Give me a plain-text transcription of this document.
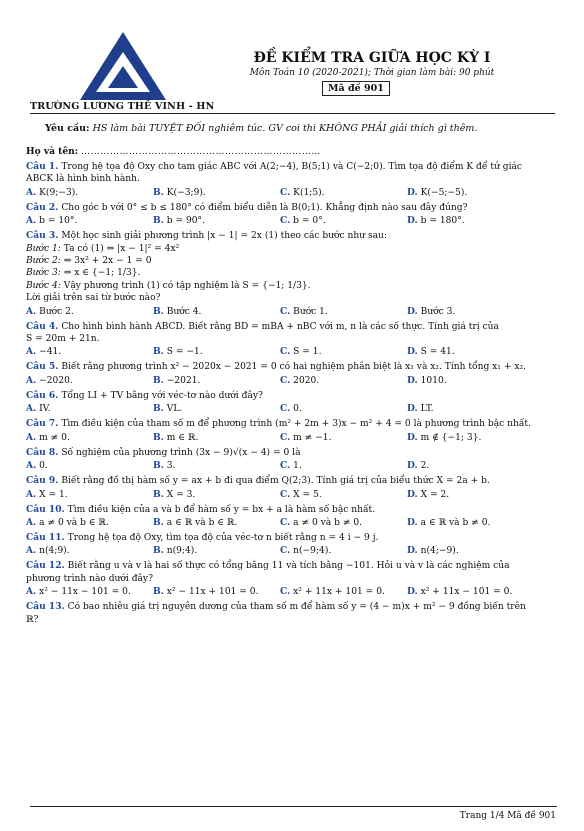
TRƯỜNG LƯƠNG THẾ VINH - HN
ĐỀ KIỂM TRA GIỮA HỌC KỲ I
Môn Toán 10 (2020-2021); Thời gian làm bài: 90 phút
Mã đề 901
Yêu cầu: HS làm bài TUYỆT ĐỐI nghiêm túc. GV coi thi KHÔNG PHẢI giải thích gì thêm.
Họ và tên: …………………………………………………………………
Câu 1. Trong hệ tọa độ Oxy cho tam giác ABC với A(2;−4), B(5;1) và C(−2;0). Tìm tọa độ điểm K để tứ giác
ABCK là hình bình hành.
A. K(9;−3).	B. K(−3;9).	C. K(1;5).	D. K(−5;−5).
Câu 2. Cho góc b với 0° ≤ b ≤ 180° có điểm biểu diễn là B(0;1). Khẳng định nào sau đây đúng?
A. b = 10°.	B. b = 90°.	C. b = 0°.	D. b = 180°.
Câu 3. Một học sinh giải phương trình |x − 1| = 2x (1) theo các bước như sau:
Bước 1: Ta có (1) ⇒ |x − 1|² = 4x²
Bước 2: ⇔ 3x² + 2x − 1 = 0
Bước 3: ⇔ x ∈ {−1; 1/3}.
Bước 4: Vậy phương trình (1) có tập nghiệm là S = {−1; 1/3}.
Lời giải trên sai từ bước nào?
A. Bước 2.	B. Bước 4.	C. Bước 1.	D. Bước 3.
Câu 4. Cho hình bình hành ABCD. Biết rằng BD = mBA + nBC với m, n là các số thực. Tính giá trị của
S = 20m + 21n.
A. −41.	B. S = −1.	C. S = 1.	D. S = 41.
Câu 5. Biết rằng phương trình x² − 2020x − 2021 = 0 có hai nghiệm phân biệt là x₁ và x₂. Tính tổng x₁ + x₂.
A. −2020.	B. −2021.	C. 2020.	D. 1010.
Câu 6. Tổng LI + TV bằng với véc-tơ nào dưới đây?
A. IV.	B. VL.	C. 0.	D. LT.
Câu 7. Tìm điều kiện của tham số m để phương trình (m² + 2m + 3)x − m² + 4 = 0 là phương trình bậc nhất.
A. m ≠ 0.	B. m ∈ ℝ.	C. m ≠ −1.	D. m ∉ {−1; 3}.
Câu 8. Số nghiệm của phương trình (3x − 9)√(x − 4) = 0 là
A. 0.	B. 3.	C. 1.	D. 2.
Câu 9. Biết rằng đồ thị hàm số y = ax + b đi qua điểm Q(2;3). Tính giá trị của biểu thức X = 2a + b.
A. X = 1.	B. X = 3.	C. X = 5.	D. X = 2.
Câu 10. Tìm điều kiện của a và b để hàm số y = bx + a là hàm số bậc nhất.
A. a ≠ 0 và b ∈ ℝ.	B. a ∈ ℝ và b ∈ ℝ.	C. a ≠ 0 và b ≠ 0.	D. a ∈ ℝ và b ≠ 0.
Câu 11. Trong hệ tọa độ Oxy, tìm tọa độ của véc-tơ n biết rằng n = 4 i − 9 j.
A. n(4;9).	B. n(9;4).	C. n(−9;4).	D. n(4;−9).
Câu 12. Biết rằng u và v là hai số thực có tổng bằng 11 và tích bằng −101. Hỏi u và v là các nghiệm của
phương trình nào dưới đây?
A. x² − 11x − 101 = 0.	B. x² − 11x + 101 = 0.	C. x² + 11x + 101 = 0.	D. x² + 11x − 101 = 0.
Câu 13. Có bao nhiêu giá trị nguyên dương của tham số m để hàm số y = (4 − m)x + m² − 9 đồng biến trên
ℝ?
Trang 1/4 Mã đề 901
